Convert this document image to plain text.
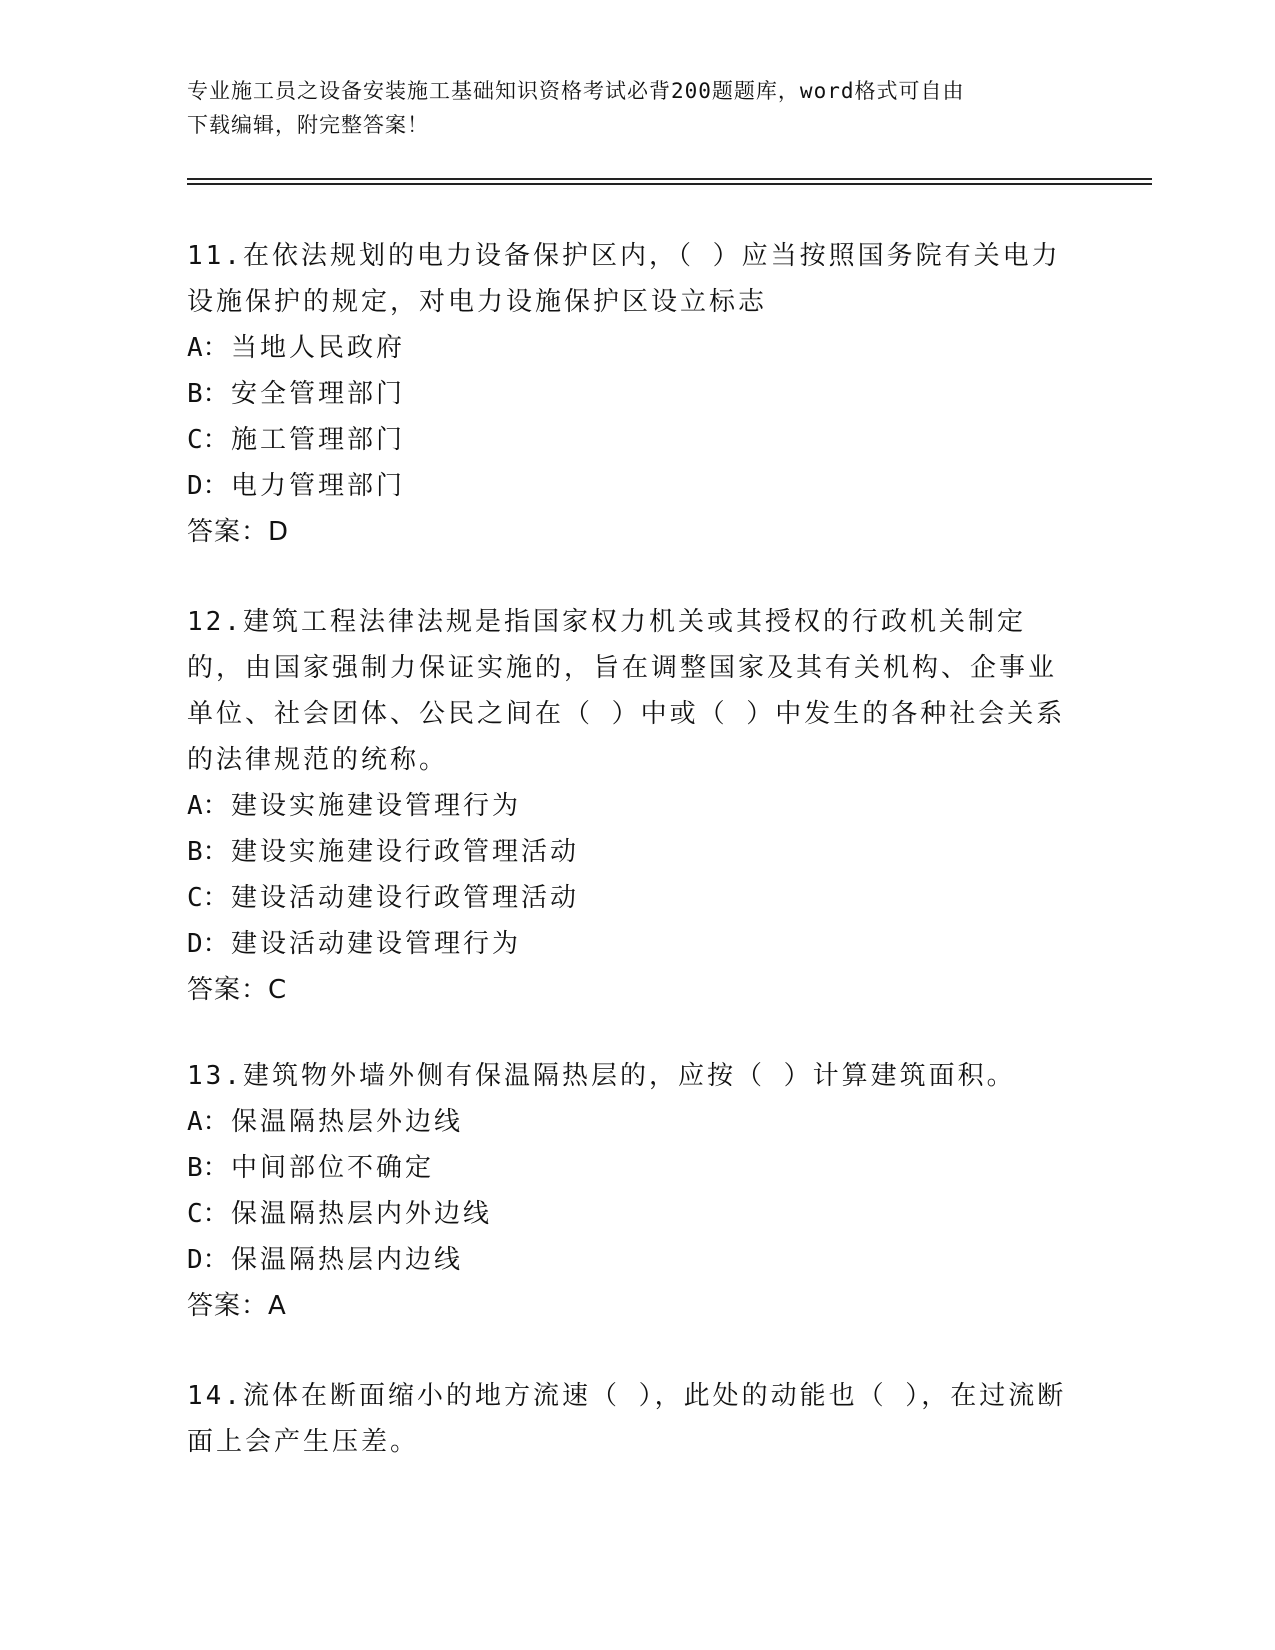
专业施工员之设备安装施工基础知识资格考试必背200题题库，word格式可自由
下载编辑，附完整答案！

11.在依法规划的电力设备保护区内，（ ）应当按照国务院有关电力设施保护的规定，对电力设施保护区设立标志

A：当地人民政府

B：安全管理部门

C：施工管理部门

D：电力管理部门

答案：D

12.建筑工程法律法规是指国家权力机关或其授权的行政机关制定的，由国家强制力保证实施的，旨在调整国家及其有关机构、企事业单位、社会团体、公民之间在（ ）中或（ ）中发生的各种社会关系的法律规范的统称。

A：建设实施建设管理行为

B：建设实施建设行政管理活动

C：建设活动建设行政管理活动

D：建设活动建设管理行为

答案：C

13.建筑物外墙外侧有保温隔热层的，应按（ ）计算建筑面积。

A：保温隔热层外边线

B：中间部位不确定

C：保温隔热层内外边线

D：保温隔热层内边线

答案：A

14.流体在断面缩小的地方流速（ ），此处的动能也（ ），在过流断面上会产生压差。
